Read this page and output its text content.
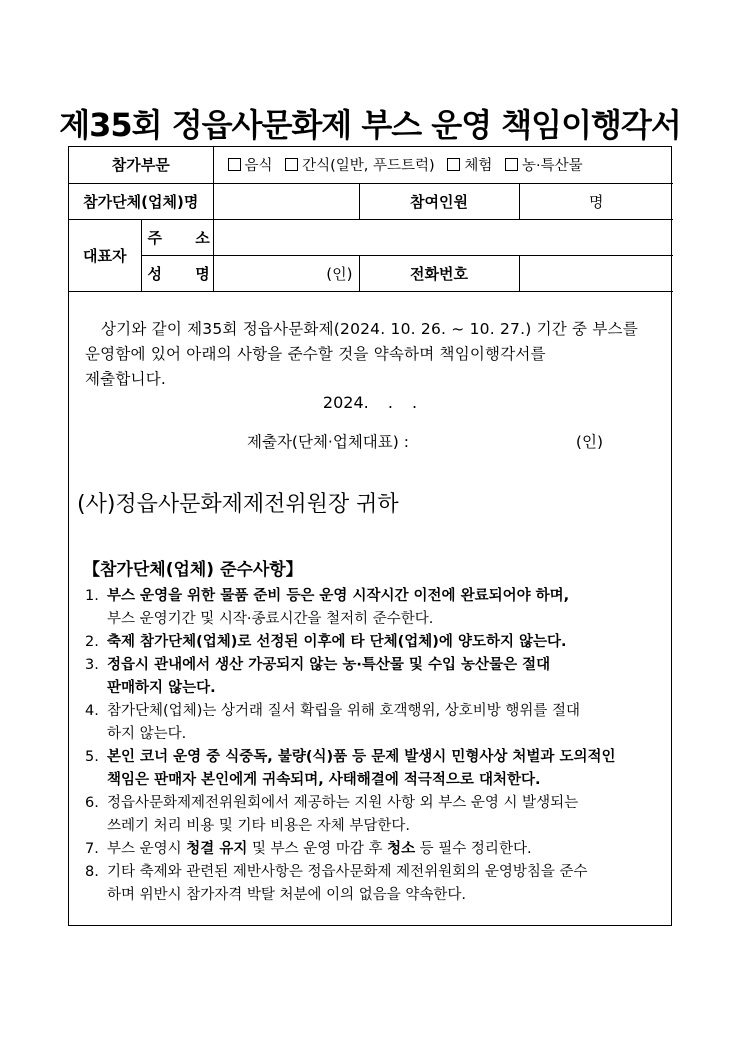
제35회 정읍사문화제 부스 운영 책임이행각서
참가부문		음식 간식(일반, 푸드트럭) 체험 농·특산물		
참가단체(업체)명			참여인원	명
대표자	주 소			
	성 명	(인)	전화번호	

상기와 같이 제35회 정읍사문화제(2024. 10. 26. ~ 10. 27.) 기간 중 부스를

운영함에 있어 아래의 사항을 준수할 것을 약속하며 책임이행각서를
제출합니다.
2024. . .
제출자(단체·업체대표) :	(인)
(사)정읍사문화제제전위원장 귀하
【참가단체(업체) 준수사항】
1. 부스 운영을 위한 물품 준비 등은 운영 시작시간 이전에 완료되어야 하며,
부스 운영기간 및 시작·종료시간을 철저히 준수한다.
2. 축제 참가단체(업체)로 선정된 이후에 타 단체(업체)에 양도하지 않는다.
3. 정읍시 관내에서 생산 가공되지 않는 농·특산물 및 수입 농산물은 절대
판매하지 않는다.
4. 참가단체(업체)는 상거래 질서 확립을 위해 호객행위, 상호비방 행위를 절대
하지 않는다.
5. 본인 코너 운영 중 식중독, 불량(식)품 등 문제 발생시 민형사상 처벌과 도의적인
책임은 판매자 본인에게 귀속되며, 사태해결에 적극적으로 대처한다.
6. 정읍사문화제제전위원회에서 제공하는 지원 사항 외 부스 운영 시 발생되는
쓰레기 처리 비용 및 기타 비용은 자체 부담한다.
7. 부스 운영시 청결 유지 및 부스 운영 마감 후 청소 등 필수 정리한다.
8. 기타 축제와 관련된 제반사항은 정읍사문화제 제전위원회의 운영방침을 준수
하며 위반시 참가자격 박탈 처분에 이의 없음을 약속한다.
